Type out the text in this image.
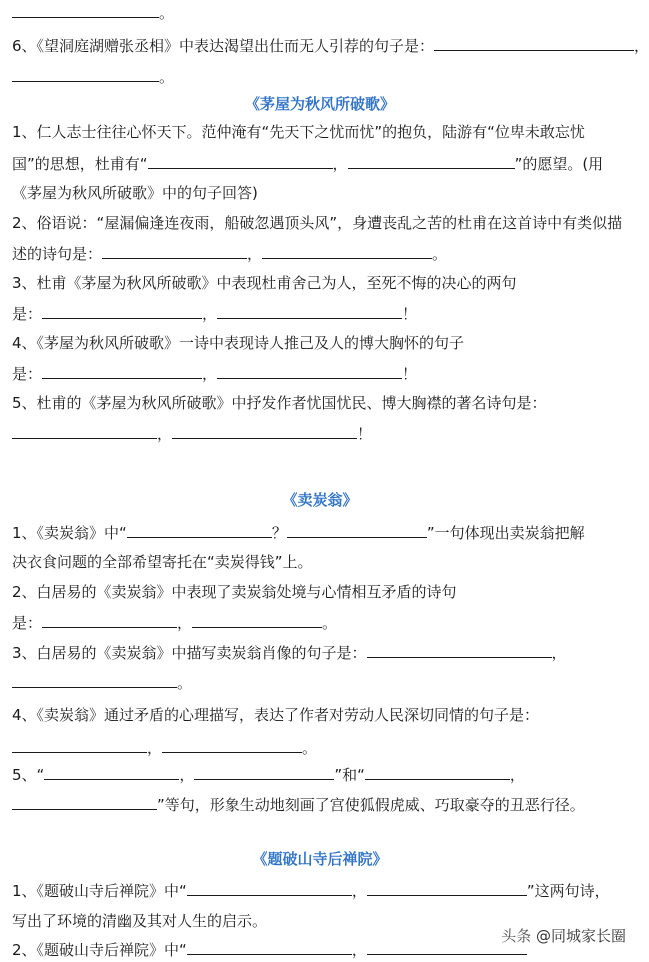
。
6、《望洞庭湖赠张丞相》中表达渴望出仕而无人引荐的句子是：	，
。
1、仁人志士往往心怀天下。范仲淹有“先天下之忧而忧”的抱负，陆游有“位卑未敢忘忧
国”的思想，杜甫有“	，	”的愿望。(用
《茅屋为秋风所破歌》中的句子回答)
2、俗语说：“屋漏偏逢连夜雨，船破忽遇顶头风”，身遭丧乱之苦的杜甫在这首诗中有类似描
述的诗句是：	，	。
3、杜甫《茅屋为秋风所破歌》中表现杜甫舍己为人，至死不悔的决心的两句
是：	，	！
4、《茅屋为秋风所破歌》一诗中表现诗人推己及人的博大胸怀的句子
是：	，	！
5、杜甫的《茅屋为秋风所破歌》中抒发作者忧国忧民、博大胸襟的著名诗句是：
，	！
1、《卖炭翁》中“	？	”一句体现出卖炭翁把解
决衣食问题的全部希望寄托在“卖炭得钱”上。
2、白居易的《卖炭翁》中表现了卖炭翁处境与心情相互矛盾的诗句
是：	，	。
3、白居易的《卖炭翁》中描写卖炭翁肖像的句子是：	，
。
4、《卖炭翁》通过矛盾的心理描写，表达了作者对劳动人民深切同情的句子是：
，	。
5、“	，	”和“	，
”等句，形象生动地刻画了宫使狐假虎威、巧取豪夺的丑恶行径。
1、《题破山寺后禅院》中“	，	”这两句诗，
写出了环境的清幽及其对人生的启示。
2、《题破山寺后禅院》中“	，
《茅屋为秋风所破歌》
《卖炭翁》
《题破山寺后禅院》
头条 @同城家长圈
